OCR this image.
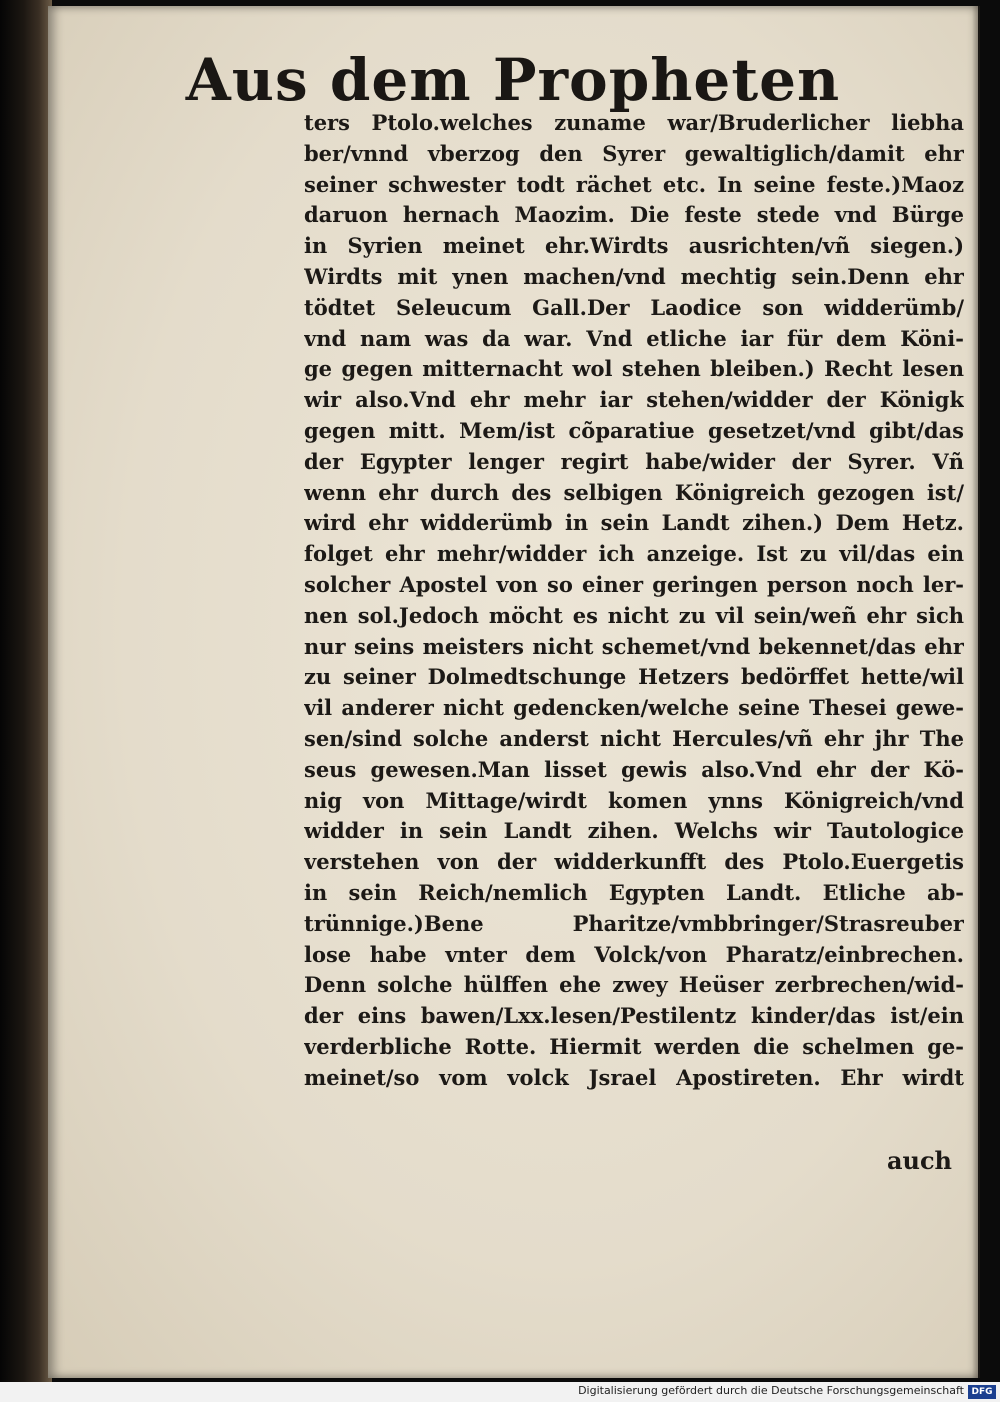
Aus dem Propheten
ters Ptolo.welches zuname war/Bruderlicher liebha
ber/vnnd vberzog den Syrer gewaltiglich/damit ehr
seiner schwester todt rächet etc. In seine feste.)Maoz
daruon hernach Maozim. Die feste stede vnd Bürge
in Syrien meinet ehr.Wirdts ausrichten/vñ siegen.)
Wirdts mit ynen machen/vnd mechtig sein.Denn ehr
tödtet Seleucum Gall.Der Laodice son widderümb/
vnd nam was da war. Vnd etliche iar für dem Köni-
ge gegen mitternacht wol stehen bleiben.) Recht lesen
wir also.Vnd ehr mehr iar stehen/widder der Königk
gegen mitt. Mem/ist cõparatiue gesetzet/vnd gibt/das
der Egypter lenger regirt habe/wider der Syrer. Vñ
wenn ehr durch des selbigen Königreich gezogen ist/
wird ehr widderümb in sein Landt zihen.) Dem Hetz.
folget ehr mehr/widder ich anzeige. Ist zu vil/das ein
solcher Apostel von so einer geringen person noch ler-
nen sol.Jedoch möcht es nicht zu vil sein/weñ ehr sich
nur seins meisters nicht schemet/vnd bekennet/das ehr
zu seiner Dolmedtschunge Hetzers bedörffet hette/wil
vil anderer nicht gedencken/welche seine Thesei gewe-
sen/sind solche anderst nicht Hercules/vñ ehr jhr The
seus gewesen.Man lisset gewis also.Vnd ehr der Kö-
nig von Mittage/wirdt komen ynns Königreich/vnd
widder in sein Landt zihen. Welchs wir Tautologice
verstehen von der widderkunfft des Ptolo.Euergetis
in sein Reich/nemlich Egypten Landt. Etliche ab-
trünnige.)Bene Pharitze/vmbbringer/Strasreuber
lose habe vnter dem Volck/von Pharatz/einbrechen.
Denn solche hülffen ehe zwey Heüser zerbrechen/wid-
der eins bawen/Lxx.lesen/Pestilentz kinder/das ist/ein
verderbliche Rotte. Hiermit werden die schelmen ge-
meinet/so vom volck Jsrael Apostireten. Ehr wirdt
auch
Digitalisierung gefördert durch die Deutsche Forschungsgemeinschaft DFG
